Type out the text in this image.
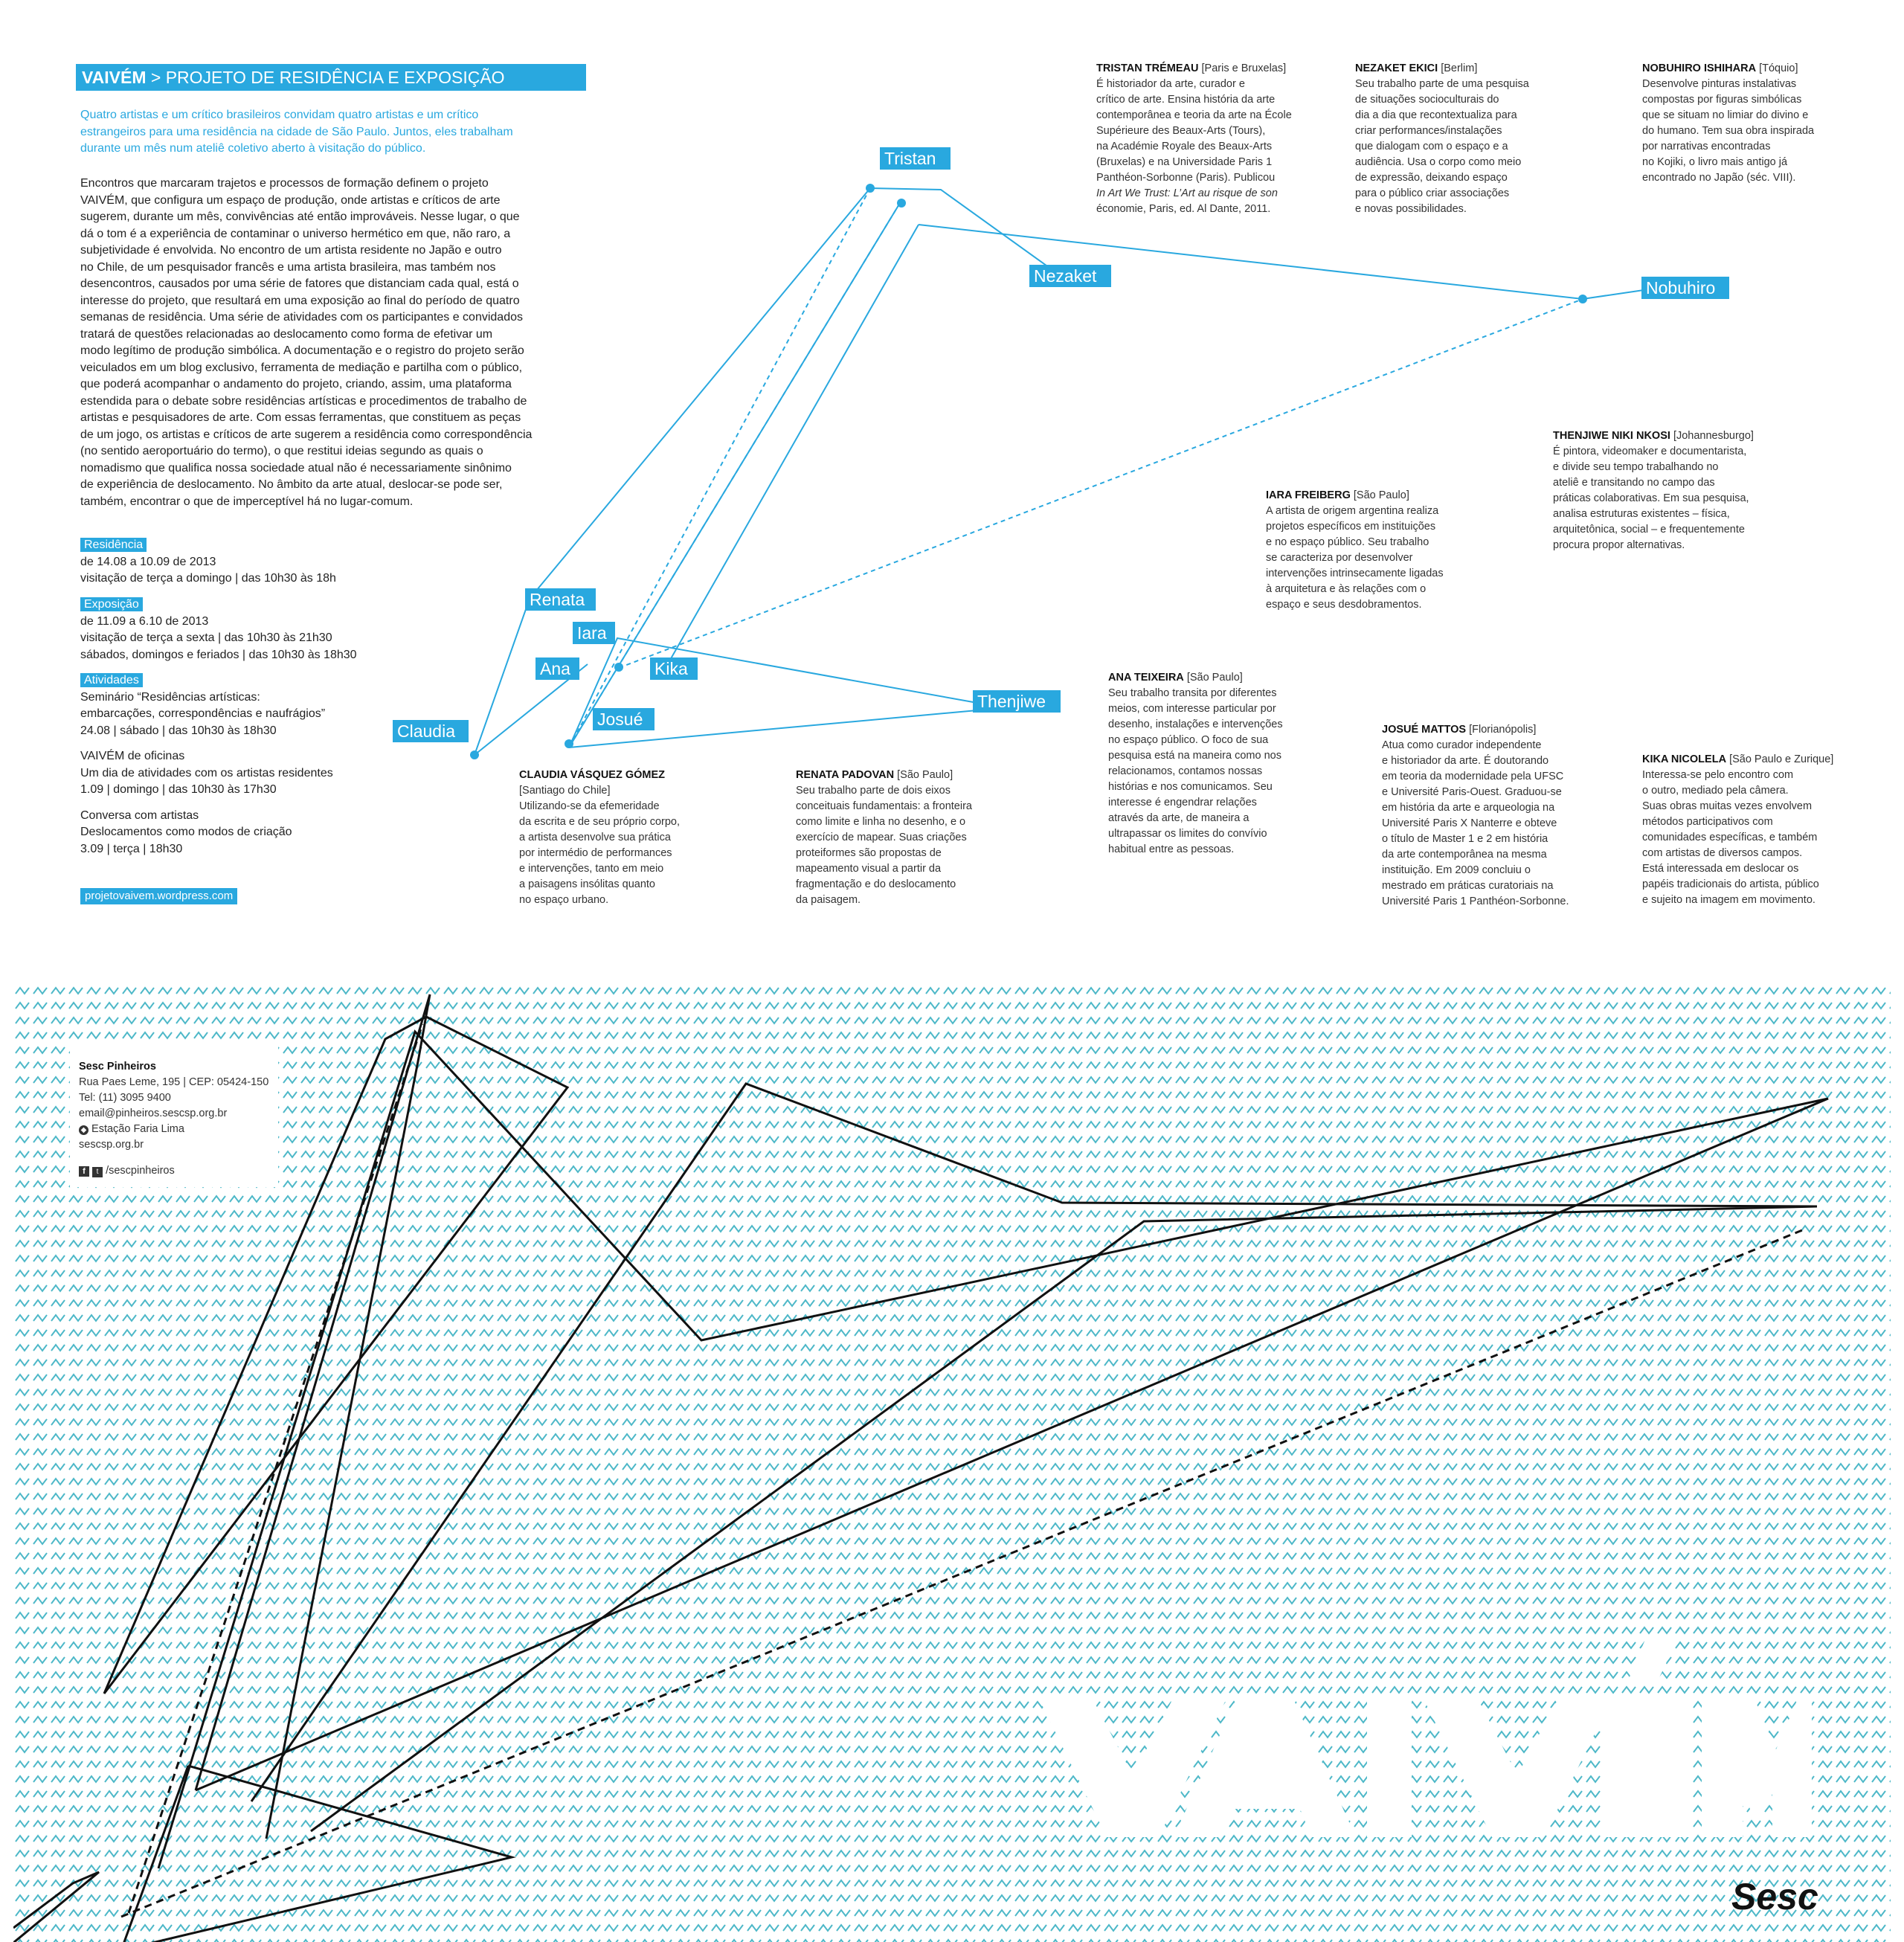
VAIVÉM > PROJETO DE RESIDÊNCIA E EXPOSIÇÃO
Quatro artistas e um crítico brasileiros convidam quatro artistas e um crítico
estrangeiros para uma residência na cidade de São Paulo. Juntos, eles trabalham
durante um mês num ateliê coletivo aberto à visitação do público.
Encontros que marcaram trajetos e processos de formação definem o projeto
VAIVÉM, que configura um espaço de produção, onde artistas e críticos de arte
sugerem, durante um mês, convivências até então improváveis. Nesse lugar, o que
dá o tom é a experiência de contaminar o universo hermético em que, não raro, a
subjetividade é envolvida. No encontro de um artista residente no Japão e outro
no Chile, de um pesquisador francês e uma artista brasileira, mas também nos
desencontros, causados por uma série de fatores que distanciam cada qual, está o
interesse do projeto, que resultará em uma exposição ao final do período de quatro
semanas de residência. Uma série de atividades com os participantes e convidados
tratará de questões relacionadas ao deslocamento como forma de efetivar um
modo legítimo de produção simbólica. A documentação e o registro do projeto serão
veiculados em um blog exclusivo, ferramenta de mediação e partilha com o público,
que poderá acompanhar o andamento do projeto, criando, assim, uma plataforma
estendida para o debate sobre residências artísticas e procedimentos de trabalho de
artistas e pesquisadores de arte. Com essas ferramentas, que constituem as peças
de um jogo, os artistas e críticos de arte sugerem a residência como correspondência
(no sentido aeroportuário do termo), o que restitui ideias segundo as quais o
nomadismo que qualifica nossa sociedade atual não é necessariamente sinônimo
de experiência de deslocamento. No âmbito da arte atual, deslocar-se pode ser,
também, encontrar o que de imperceptível há no lugar-comum.
Residência
de 14.08 a 10.09 de 2013
visitação de terça a domingo | das 10h30 às 18h
Exposição
de 11.09 a 6.10 de 2013
visitação de terça a sexta | das 10h30 às 21h30
sábados, domingos e feriados | das 10h30 às 18h30
Atividades
Seminário “Residências artísticas:
embarcações, correspondências e naufrágios”
24.08 | sábado | das 10h30 às 18h30
VAIVÉM de oficinas
Um dia de atividades com os artistas residentes
1.09 | domingo | das 10h30 às 17h30
Conversa com artistas
Deslocamentos como modos de criação
3.09 | terça | 18h30
projetovaivem.wordpress.com
Tristan
Nezaket
Nobuhiro
Renata
Iara
Ana	Kika
Claudia
Josué
Thenjiwe
TRISTAN TRÉMEAU [Paris e Bruxelas]
É historiador da arte, curador e
crítico de arte. Ensina história da arte
contemporânea e teoria da arte na École
Supérieure des Beaux-Arts (Tours),
na Académie Royale des Beaux-Arts
(Bruxelas) e na Universidade Paris 1
Panthéon-Sorbonne (Paris). Publicou
In Art We Trust: L’Art au risque de son
économie, Paris, ed. Al Dante, 2011.
NEZAKET EKICI [Berlim]
Seu trabalho parte de uma pesquisa
de situações socioculturais do
dia a dia que recontextualiza para
criar performances/instalações
que dialogam com o espaço e a
audiência. Usa o corpo como meio
de expressão, deixando espaço
para o público criar associações
e novas possibilidades.
NOBUHIRO ISHIHARA [Tóquio]
Desenvolve pinturas instalativas
compostas por figuras simbólicas
que se situam no limiar do divino e
do humano. Tem sua obra inspirada
por narrativas encontradas
no Kojiki, o livro mais antigo já
encontrado no Japão (séc. VIII).
THENJIWE NIKI NKOSI [Johannesburgo]
É pintora, videomaker e documentarista,
e divide seu tempo trabalhando no
ateliê e transitando no campo das
práticas colaborativas. Em sua pesquisa,
analisa estruturas existentes – física,
arquitetônica, social – e frequentemente
procura propor alternativas.
IARA FREIBERG [São Paulo]
A artista de origem argentina realiza
projetos específicos em instituições
e no espaço público. Seu trabalho
se caracteriza por desenvolver
intervenções intrinsecamente ligadas
à arquitetura e às relações com o
espaço e seus desdobramentos.
ANA TEIXEIRA [São Paulo]
Seu trabalho transita por diferentes
meios, com interesse particular por
desenho, instalações e intervenções
no espaço público. O foco de sua
pesquisa está na maneira como nos
relacionamos, contamos nossas
histórias e nos comunicamos. Seu
interesse é engendrar relações
através da arte, de maneira a
ultrapassar os limites do convívio
habitual entre as pessoas.
JOSUÉ MATTOS [Florianópolis]
Atua como curador independente
e historiador da arte. É doutorando
em teoria da modernidade pela UFSC
e Université Paris-Ouest. Graduou-se
em história da arte e arqueologia na
Université Paris X Nanterre e obteve
o título de Master 1 e 2 em história
da arte contemporânea na mesma
instituição. Em 2009 concluiu o
mestrado em práticas curatoriais na
Université Paris 1 Panthéon-Sorbonne.
KIKA NICOLELA [São Paulo e Zurique]
Interessa-se pelo encontro com
o outro, mediado pela câmera.
Suas obras muitas vezes envolvem
métodos participativos com
comunidades específicas, e também
com artistas de diversos campos.
Está interessada em deslocar os
papéis tradicionais do artista, público
e sujeito na imagem em movimento.
CLAUDIA VÁSQUEZ GÓMEZ
[Santiago do Chile]
Utilizando-se da efemeridade
da escrita e de seu próprio corpo,
a artista desenvolve sua prática
por intermédio de performances
e intervenções, tanto em meio
a paisagens insólitas quanto
no espaço urbano.
RENATA PADOVAN [São Paulo]
Seu trabalho parte de dois eixos
conceituais fundamentais: a fronteira
como limite e linha no desenho, e o
exercício de mapear. Suas criações
proteiformes são propostas de
mapeamento visual a partir da
fragmentação e do deslocamento
da paisagem.
Sesc
Sesc Pinheiros
Rua Paes Leme, 195 | CEP: 05424-150
Tel: (11) 3095 9400
email@pinheiros.sescsp.org.br
◆ Estação Faria Lima
sescsp.org.br
f t /sescpinheiros
